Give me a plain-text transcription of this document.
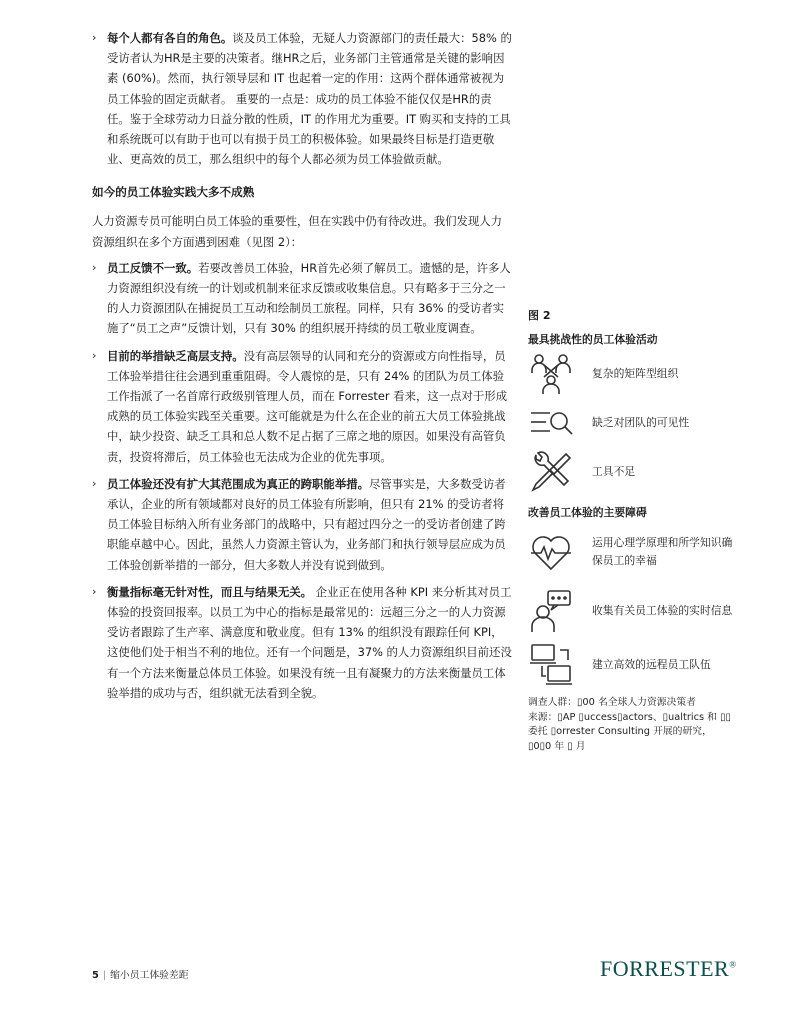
› 每个人都有各自的角色。谈及员工体验，无疑人力资源部门的责任最大：58% 的受访者认为HR是主要的决策者。继HR之后，业务部门主管通常是关键的影响因素 (60%)。然而，执行领导层和 IT 也起着一定的作用：这两个群体通常被视为员工体验的固定贡献者。 重要的一点是：成功的员工体验不能仅仅是HR的责任。鉴于全球劳动力日益分散的性质，IT 的作用尤为重要。IT 购买和支持的工具和系统既可以有助于也可以有损于员工的积极体验。如果最终目标是打造更敬业、更高效的员工，那么组织中的每个人都必须为员工体验做贡献。
如今的员工体验实践大多不成熟
人力资源专员可能明白员工体验的重要性，但在实践中仍有待改进。我们发现人力资源组织在多个方面遇到困难（见图 2）：
› 员工反馈不一致。若要改善员工体验，HR首先必须了解员工。遗憾的是，许多人力资源组织没有统一的计划或机制来征求反馈或收集信息。只有略多于三分之一的人力资源团队在捕捉员工互动和绘制员工旅程。同样，只有 36% 的受访者实施了“员工之声”反馈计划，只有 30% 的组织展开持续的员工敬业度调查。
› 目前的举措缺乏高层支持。没有高层领导的认同和充分的资源或方向性指导，员工体验举措往往会遇到重重阻碍。令人震惊的是，只有 24% 的团队为员工体验工作指派了一名首席行政级别管理人员，而在 Forrester 看来，这一点对于形成成熟的员工体验实践至关重要。这可能就是为什么在企业的前五大员工体验挑战中，缺少投资、缺乏工具和总人数不足占据了三席之地的原因。如果没有高管负责，投资将滞后，员工体验也无法成为企业的优先事项。
› 员工体验还没有扩大其范围成为真正的跨职能举措。尽管事实是，大多数受访者承认，企业的所有领域都对良好的员工体验有所影响，但只有 21% 的受访者将员工体验目标纳入所有业务部门的战略中，只有超过四分之一的受访者创建了跨职能卓越中心。因此，虽然人力资源主管认为，业务部门和执行领导层应成为员工体验创新举措的一部分，但大多数人并没有说到做到。
› 衡量指标毫无针对性，而且与结果无关。 企业正在使用各种 KPI 来分析其对员工体验的投资回报率。以员工为中心的指标是最常见的：远超三分之一的人力资源受访者跟踪了生产率、满意度和敬业度。但有 13% 的组织没有跟踪任何 KPI，这使他们处于相当不利的地位。还有一个问题是，37% 的人力资源组织目前还没有一个方法来衡量总体员工体验。如果没有统一且有凝聚力的方法来衡量员工体验举措的成功与否，组织就无法看到全貌。
图 2
最具挑战性的员工体验活动
复杂的矩阵型组织
缺乏对团队的可见性
工具不足
改善员工体验的主要障碍
运用心理学原理和所学知识确保员工的幸福
收集有关员工体验的实时信息
建立高效的远程员工队伍
调查人群：▯00 名全球人力资源决策者
来源：▯AP ▯uccess▯actors、▯ualtrics 和 ▯▯
委托 ▯orrester Consulting 开展的研究，
▯0▯0 年 ▯ 月
5 | 缩小员工体验差距	FORRESTER®
